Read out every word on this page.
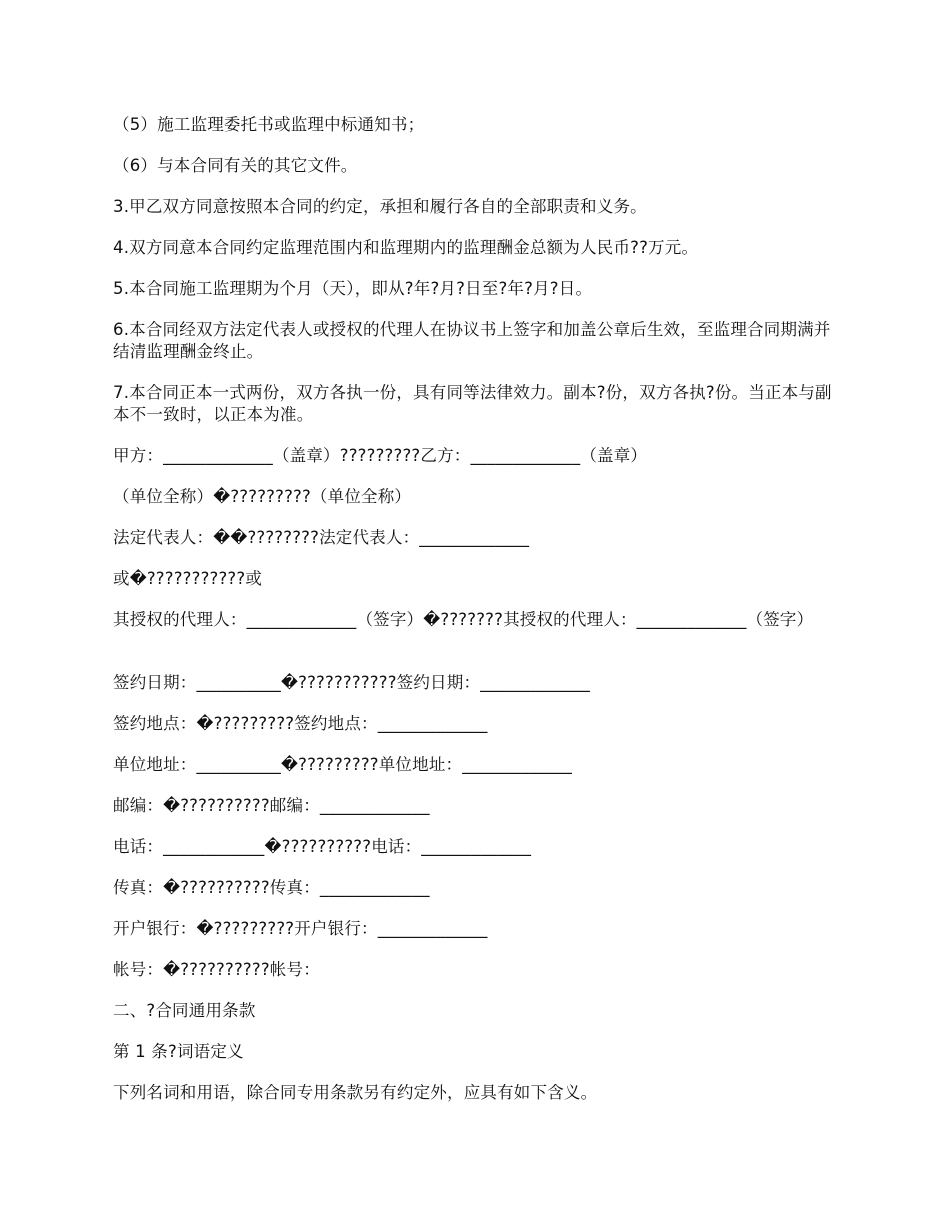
（5）施工监理委托书或监理中标通知书；
（6）与本合同有关的其它文件。
3.甲乙双方同意按照本合同的约定，承担和履行各自的全部职责和义务。
4.双方同意本合同约定监理范围内和监理期内的监理酬金总额为人民币??万元。
5.本合同施工监理期为个月（天），即从?年?月?日至?年?月?日。
6.本合同经双方法定代表人或授权的代理人在协议书上签字和加盖公章后生效，至监理合同期满并结清监理酬金终止。
7.本合同正本一式两份，双方各执一份，具有同等法律效力。副本?份，双方各执?份。当正本与副本不一致时，以正本为准。
甲方：_____________（盖章）?????????乙方：_____________（盖章）
（单位全称）�?????????（单位全称）
法定代表人：��????????法定代表人：_____________
或�???????????或
其授权的代理人：_____________（签字）�???????其授权的代理人：_____________（签字）
签约日期：__________�???????????签约日期：_____________
签约地点：�?????????签约地点：_____________
单位地址：__________�?????????单位地址：_____________
邮编：�??????????邮编：_____________
电话：____________�??????????电话：_____________
传真：�??????????传真：_____________
开户银行：�?????????开户银行：_____________
帐号：�??????????帐号：
二、?合同通用条款
第 1 条?词语定义
下列名词和用语，除合同专用条款另有约定外，应具有如下含义。
